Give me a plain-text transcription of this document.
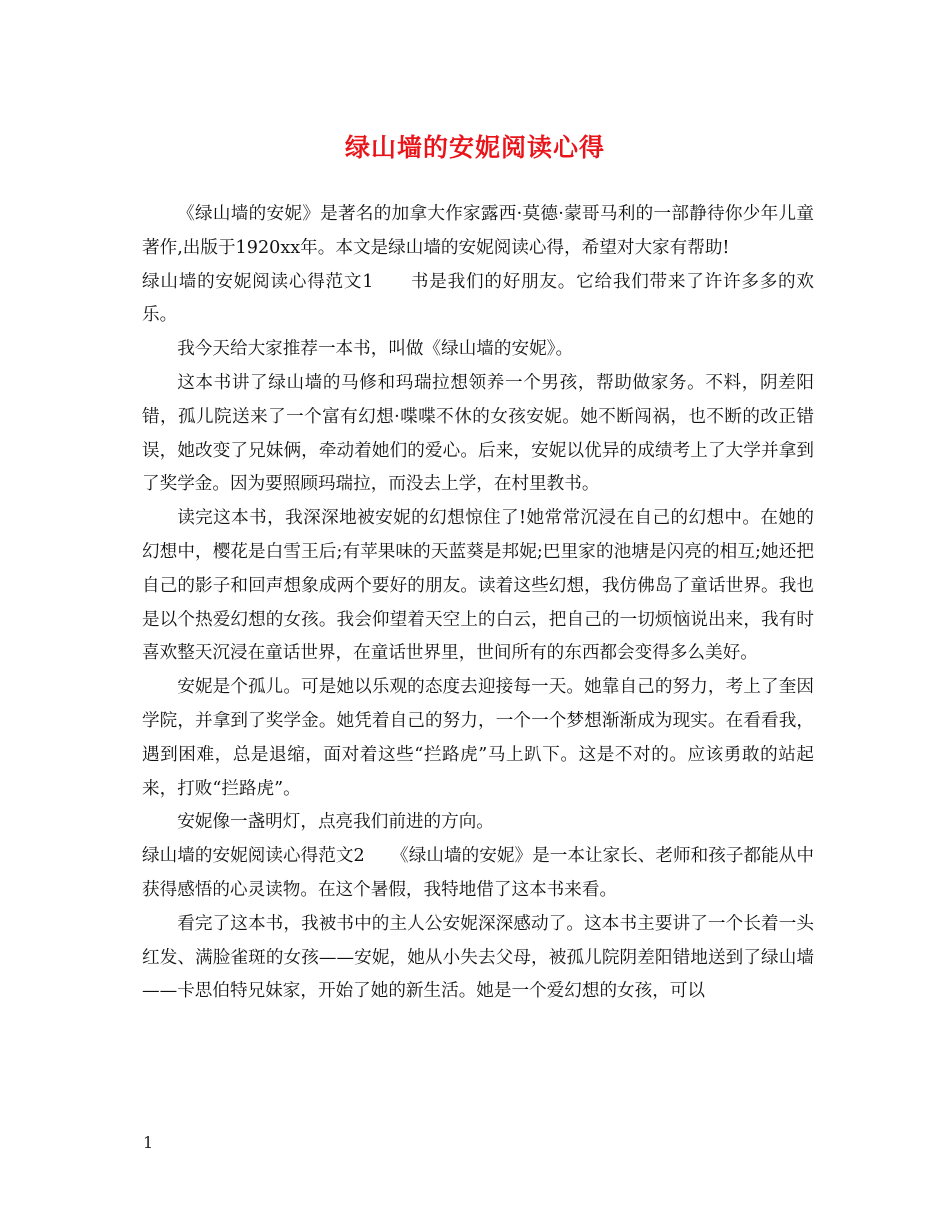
绿山墙的安妮阅读心得

《绿山墙的安妮》是著名的加拿大作家露西·莫德·蒙哥马利的一部静待你少年儿童著作,出版于1920xx年。本文是绿山墙的安妮阅读心得，希望对大家有帮助!

绿山墙的安妮阅读心得范文1　　书是我们的好朋友。它给我们带来了许许多多的欢乐。

我今天给大家推荐一本书，叫做《绿山墙的安妮》。

这本书讲了绿山墙的马修和玛瑞拉想领养一个男孩，帮助做家务。不料，阴差阳错，孤儿院送来了一个富有幻想·喋喋不休的女孩安妮。她不断闯祸，也不断的改正错误，她改变了兄妹俩，牵动着她们的爱心。后来，安妮以优异的成绩考上了大学并拿到了奖学金。因为要照顾玛瑞拉，而没去上学，在村里教书。

读完这本书，我深深地被安妮的幻想惊住了!她常常沉浸在自己的幻想中。在她的幻想中，樱花是白雪王后;有苹果味的天蓝葵是邦妮;巴里家的池塘是闪亮的相互;她还把自己的影子和回声想象成两个要好的朋友。读着这些幻想，我仿佛岛了童话世界。我也是以个热爱幻想的女孩。我会仰望着天空上的白云，把自己的一切烦恼说出来，我有时喜欢整天沉浸在童话世界，在童话世界里，世间所有的东西都会变得多么美好。

安妮是个孤儿。可是她以乐观的态度去迎接每一天。她靠自己的努力，考上了奎因学院，并拿到了奖学金。她凭着自己的努力，一个一个梦想渐渐成为现实。在看看我，遇到困难，总是退缩，面对着这些“拦路虎”马上趴下。这是不对的。应该勇敢的站起来，打败“拦路虎”。

安妮像一盏明灯，点亮我们前进的方向。

绿山墙的安妮阅读心得范文2　　《绿山墙的安妮》是一本让家长、老师和孩子都能从中获得感悟的心灵读物。在这个暑假，我特地借了这本书来看。

看完了这本书，我被书中的主人公安妮深深感动了。这本书主要讲了一个长着一头红发、满脸雀斑的女孩——安妮，她从小失去父母，被孤儿院阴差阳错地送到了绿山墙——卡思伯特兄妹家，开始了她的新生活。她是一个爱幻想的女孩，可以

1
